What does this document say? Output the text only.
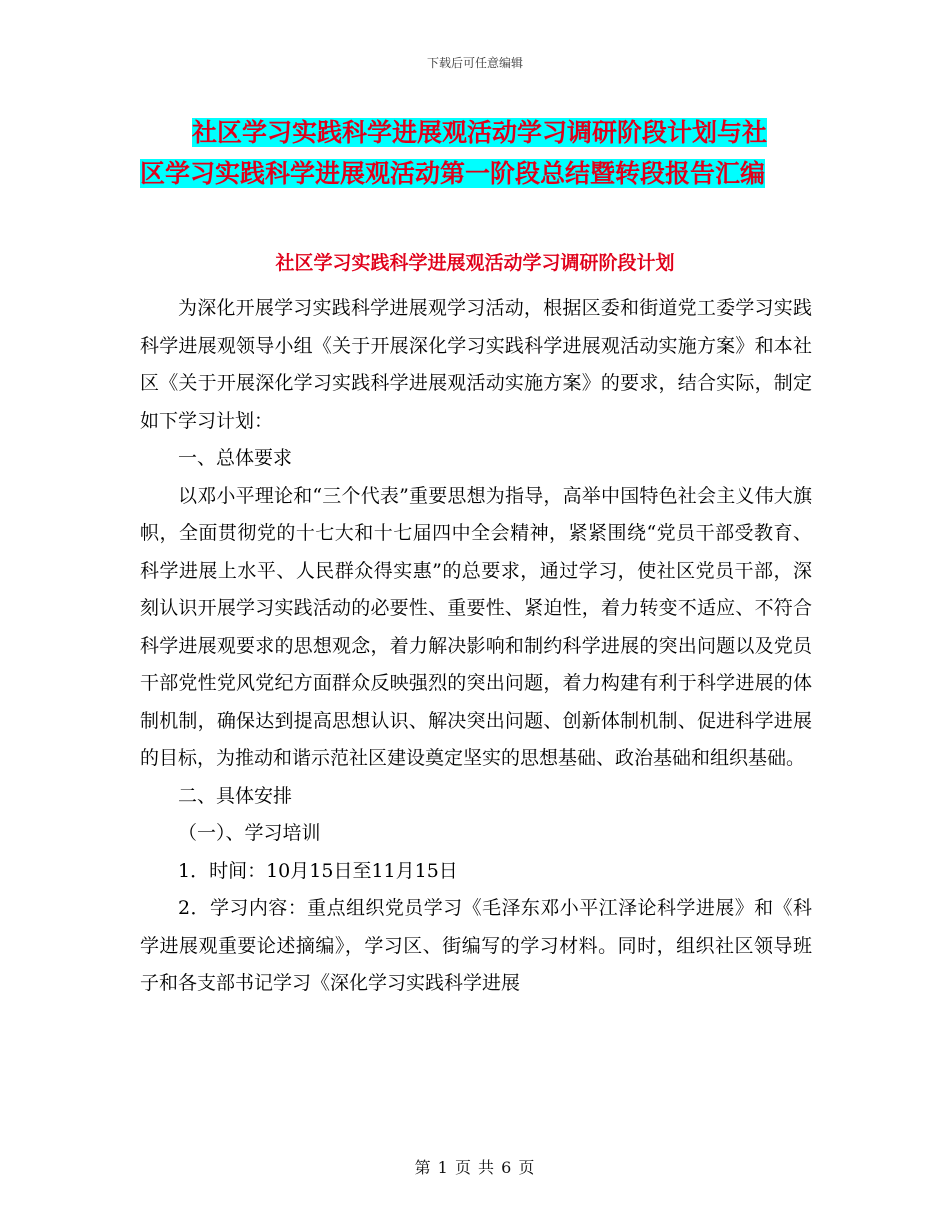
下载后可任意编辑
社区学习实践科学进展观活动学习调研阶段计划与社
区学习实践科学进展观活动第一阶段总结暨转段报告汇编
社区学习实践科学进展观活动学习调研阶段计划

为深化开展学习实践科学进展观学习活动，根据区委和街道党工委学习实践科学进展观领导小组《关于开展深化学习实践科学进展观活动实施方案》和本社区《关于开展深化学习实践科学进展观活动实施方案》的要求，结合实际，制定如下学习计划：

一、总体要求

以邓小平理论和“三个代表”重要思想为指导，高举中国特色社会主义伟大旗帜，全面贯彻党的十七大和十七届四中全会精神，紧紧围绕“党员干部受教育、科学进展上水平、人民群众得实惠”的总要求，通过学习，使社区党员干部，深刻认识开展学习实践活动的必要性、重要性、紧迫性，着力转变不适应、不符合科学进展观要求的思想观念，着力解决影响和制约科学进展的突出问题以及党员干部党性党风党纪方面群众反映强烈的突出问题，着力构建有利于科学进展的体制机制，确保达到提高思想认识、解决突出问题、创新体制机制、促进科学进展的目标，为推动和谐示范社区建设奠定坚实的思想基础、政治基础和组织基础。

二、具体安排

（一）、学习培训

1．时间：10月15日至11月15日

2．学习内容：重点组织党员学习《毛泽东邓小平江泽论科学进展》和《科学进展观重要论述摘编》，学习区、街编写的学习材料。同时，组织社区领导班子和各支部书记学习《深化学习实践科学进展

第 1 页 共 6 页
